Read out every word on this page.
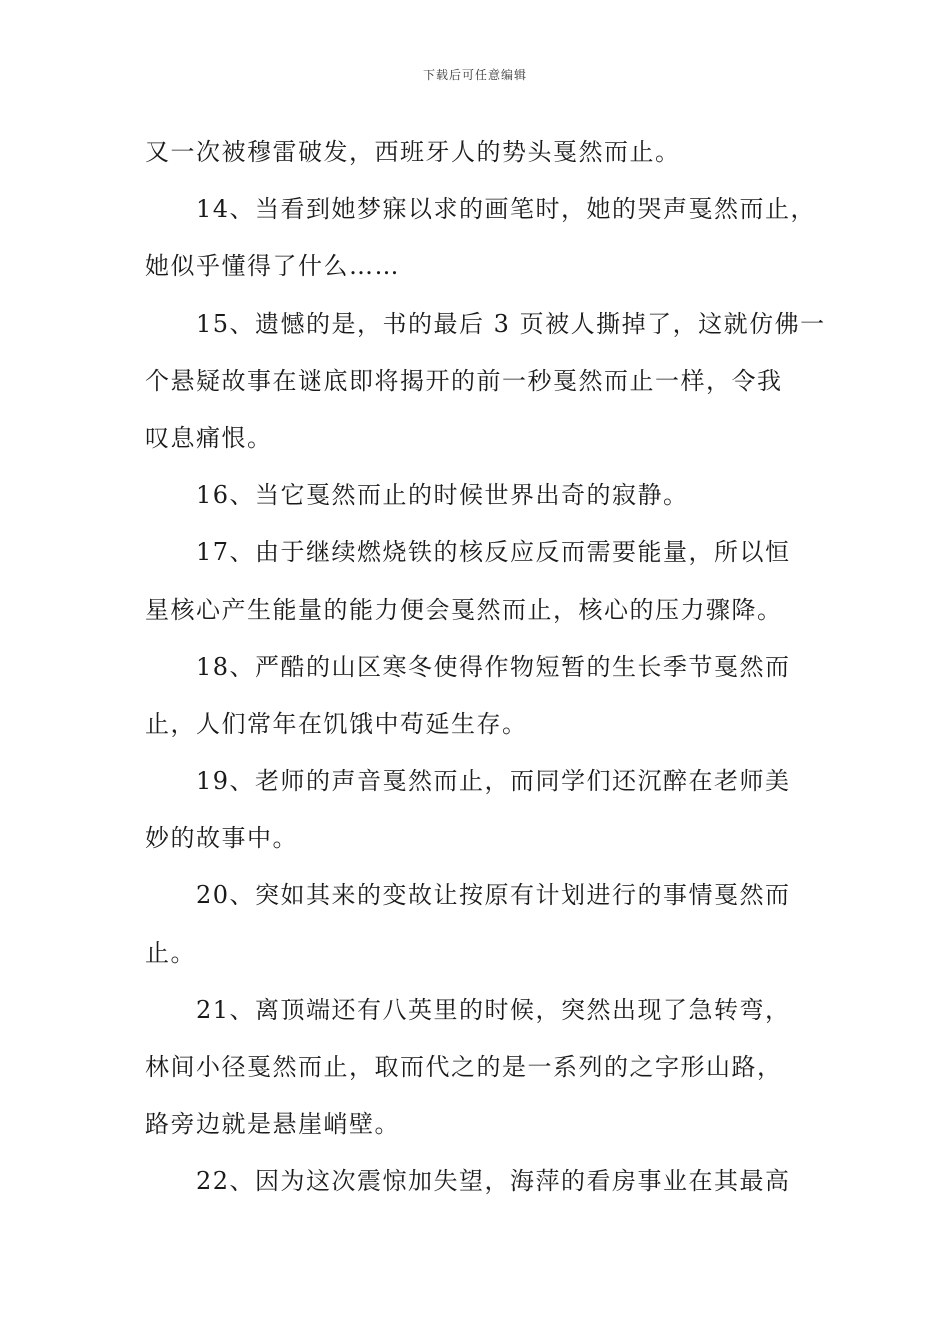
下载后可任意编辑
又一次被穆雷破发，西班牙人的势头戛然而止。
14、当看到她梦寐以求的画笔时，她的哭声戛然而止，
她似乎懂得了什么……
15、遗憾的是，书的最后 3 页被人撕掉了，这就仿佛一
个悬疑故事在谜底即将揭开的前一秒戛然而止一样，令我
叹息痛恨。
16、当它戛然而止的时候世界出奇的寂静。
17、由于继续燃烧铁的核反应反而需要能量，所以恒
星核心产生能量的能力便会戛然而止，核心的压力骤降。
18、严酷的山区寒冬使得作物短暂的生长季节戛然而
止，人们常年在饥饿中苟延生存。
19、老师的声音戛然而止，而同学们还沉醉在老师美
妙的故事中。
20、突如其来的变故让按原有计划进行的事情戛然而
止。
21、离顶端还有八英里的时候，突然出现了急转弯，
林间小径戛然而止，取而代之的是一系列的之字形山路，
路旁边就是悬崖峭壁。
22、因为这次震惊加失望，海萍的看房事业在其最高
